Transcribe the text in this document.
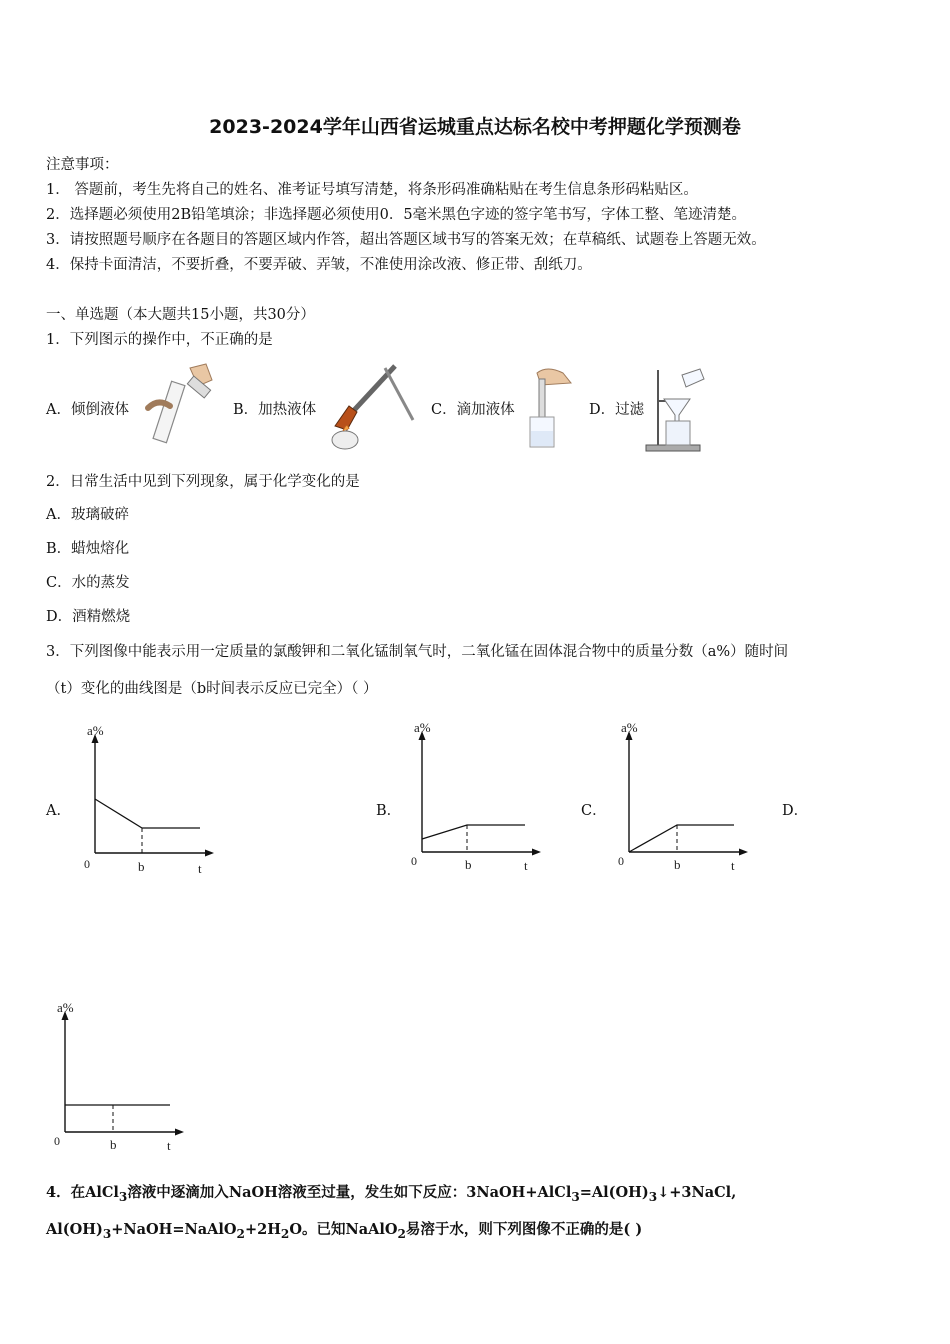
2023-2024学年山西省运城重点达标名校中考押题化学预测卷
注意事项：
1． 答题前，考生先将自己的姓名、准考证号填写清楚，将条形码准确粘贴在考生信息条形码粘贴区。
2．选择题必须使用2B铅笔填涂；非选择题必须使用0．5毫米黑色字迹的签字笔书写，字体工整、笔迹清楚。
3．请按照题号顺序在各题目的答题区域内作答，超出答题区域书写的答案无效；在草稿纸、试题卷上答题无效。
4．保持卡面清洁，不要折叠，不要弄破、弄皱，不准使用涂改液、修正带、刮纸刀。
一、单选题（本大题共15小题，共30分）
1．下列图示的操作中，不正确的是
A．倾倒液体	B．加热液体	C．滴加液体	D．过滤
2．日常生活中见到下列现象，属于化学变化的是
A．玻璃破碎
B．蜡烛熔化
C．水的蒸发
D．酒精燃烧
3．下列图像中能表示用一定质量的氯酸钾和二氧化锰制氧气时，二氧化锰在固体混合物中的质量分数（a%）随时间
（t）变化的曲线图是（b时间表示反应已完全）（ ）
A．	B．	C．	D．
a%
0	b	t
a%
0	b	t
a%
0	b	t
a%
0	b	t
4．在AlCl$_3$溶液中逐滴加入NaOH溶液至过量，发生如下反应：$3NaOH+AlCl_3=Al(OH)_3↓+3NaCl$,
$Al(OH)_3+NaOH=NaAlO_2+2H_2O$。已知NaAlO$_2$易溶于水，则下列图像不正确的是( )
